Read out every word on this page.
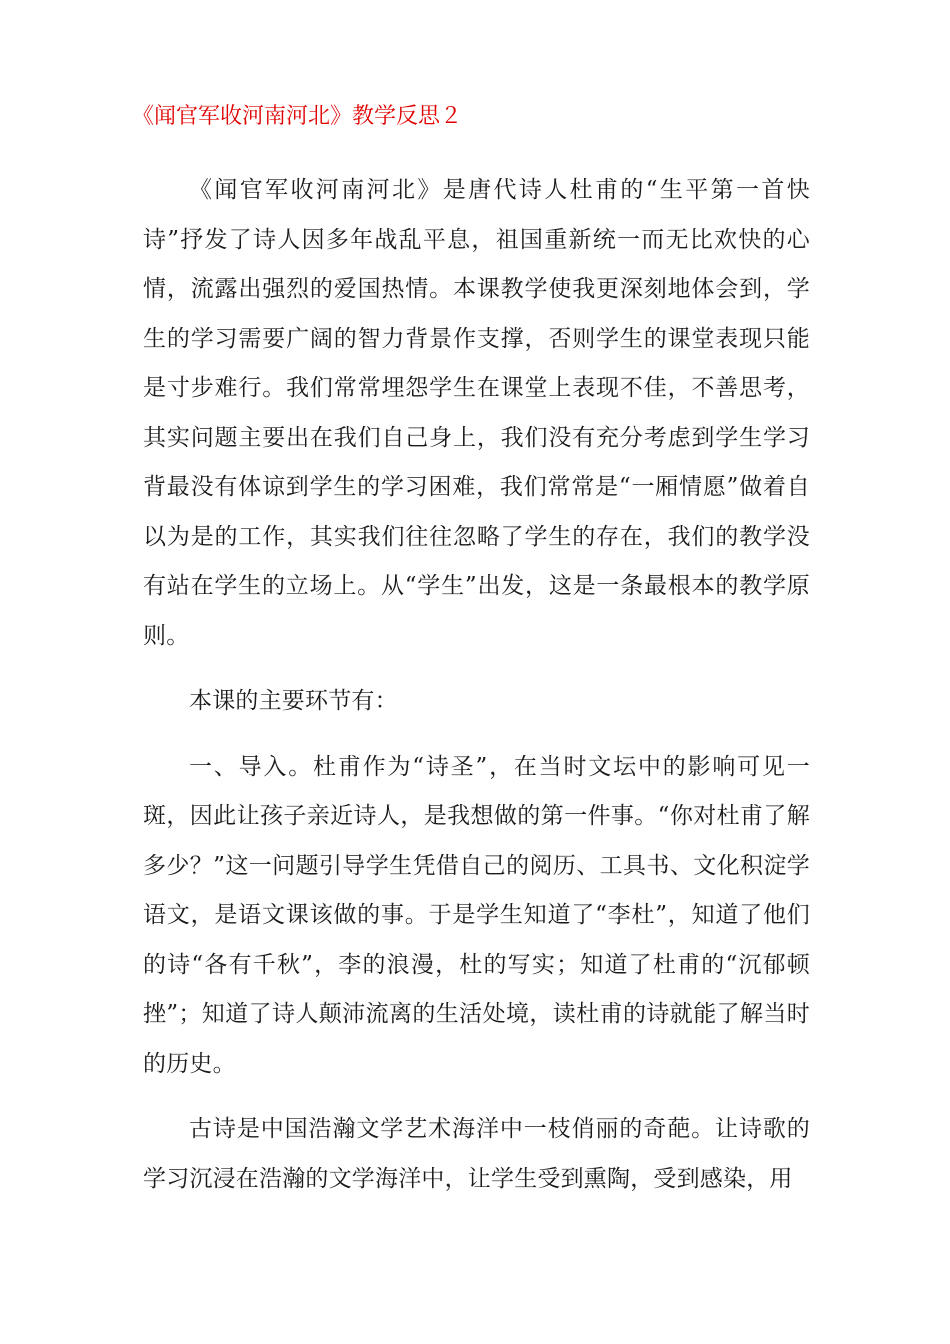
《闻官军收河南河北》教学反思２

《闻官军收河南河北》是唐代诗人杜甫的“生平第一首快诗”抒发了诗人因多年战乱平息，祖国重新统一而无比欢快的心情，流露出强烈的爱国热情。本课教学使我更深刻地体会到，学生的学习需要广阔的智力背景作支撑，否则学生的课堂表现只能是寸步难行。我们常常埋怨学生在课堂上表现不佳，不善思考，其实问题主要出在我们自己身上，我们没有充分考虑到学生学习背最没有体谅到学生的学习困难，我们常常是“一厢情愿”做着自以为是的工作，其实我们往往忽略了学生的存在，我们的教学没有站在学生的立场上。从“学生”出发，这是一条最根本的教学原则。

本课的主要环节有：

一、导入。杜甫作为“诗圣”，在当时文坛中的影响可见一斑，因此让孩子亲近诗人，是我想做的第一件事。“你对杜甫了解多少？”这一问题引导学生凭借自己的阅历、工具书、文化积淀学语文，是语文课该做的事。于是学生知道了“李杜”，知道了他们的诗“各有千秋”，李的浪漫，杜的写实；知道了杜甫的“沉郁顿挫”；知道了诗人颠沛流离的生活处境，读杜甫的诗就能了解当时的历史。

古诗是中国浩瀚文学艺术海洋中一枝俏丽的奇葩。让诗歌的学习沉浸在浩瀚的文学海洋中，让学生受到熏陶，受到感染，用
